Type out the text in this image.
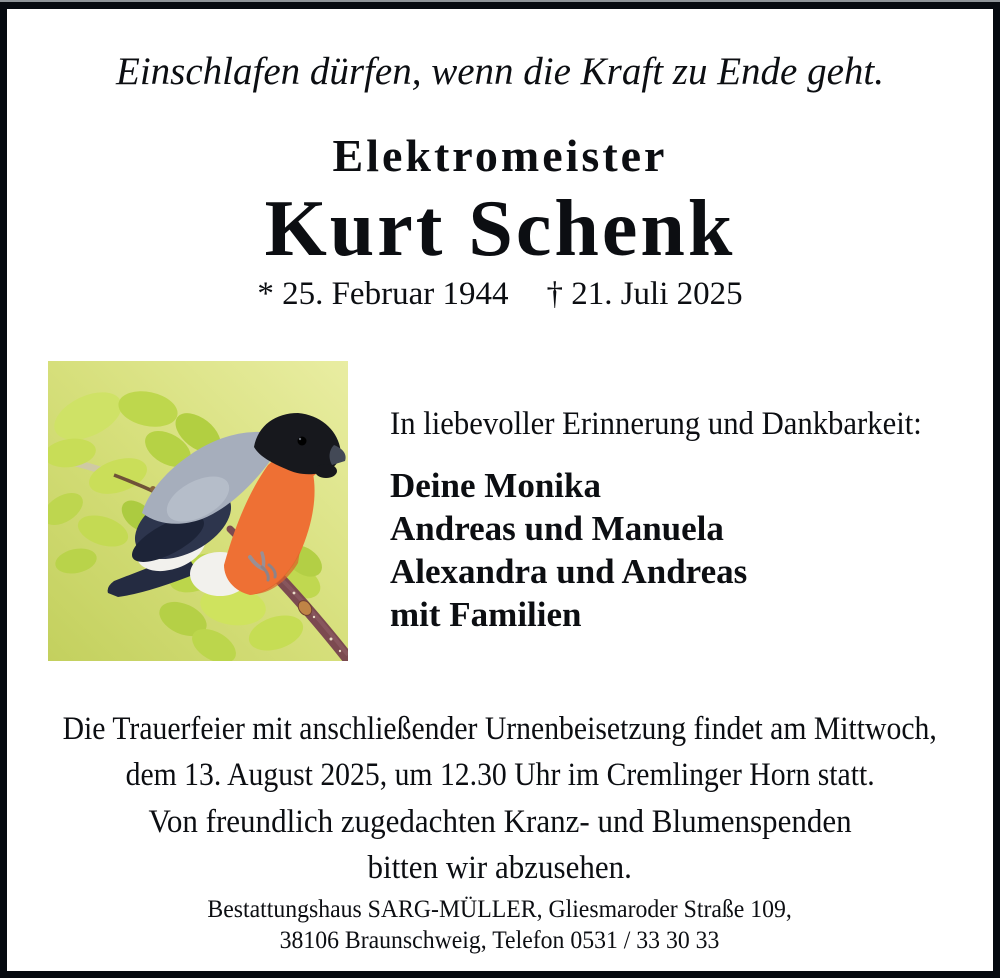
Einschlafen dürfen, wenn die Kraft zu Ende geht.
Elektromeister
Kurt Schenk
* 25. Februar 1944 † 21. Juli 2025

In liebevoller Erinnerung und Dankbarkeit:

Deine Monika
Andreas und Manuela
Alexandra und Andreas
mit Familien
Die Trauerfeier mit anschließender Urnenbeisetzung findet am Mittwoch,
dem 13. August 2025, um 12.30 Uhr im Cremlinger Horn statt.
Von freundlich zugedachten Kranz- und Blumenspenden
bitten wir abzusehen.
Bestattungshaus SARG-MÜLLER, Gliesmaroder Straße 109,
38106 Braunschweig, Telefon 0531 / 33 30 33
